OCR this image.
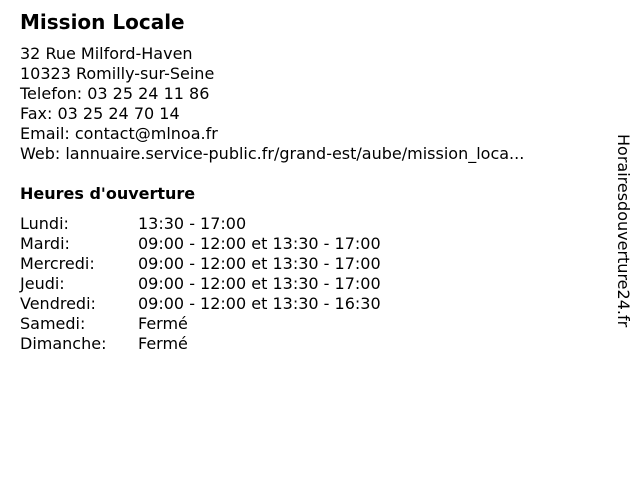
Mission Locale
32 Rue Milford-Haven
10323 Romilly-sur-Seine
Telefon: 03 25 24 11 86
Fax: 03 25 24 70 14
Email: contact@mlnoa.fr
Web: lannuaire.service-public.fr/grand-est/aube/mission_loca...
Heures d'ouverture
Lundi:	13:30 - 17:00
Mardi:	09:00 - 12:00 et 13:30 - 17:00
Mercredi:	09:00 - 12:00 et 13:30 - 17:00
Jeudi:	09:00 - 12:00 et 13:30 - 17:00
Vendredi:	09:00 - 12:00 et 13:30 - 16:30
Samedi:	Fermé
Dimanche:	Fermé
Horairesdouverture24.fr
